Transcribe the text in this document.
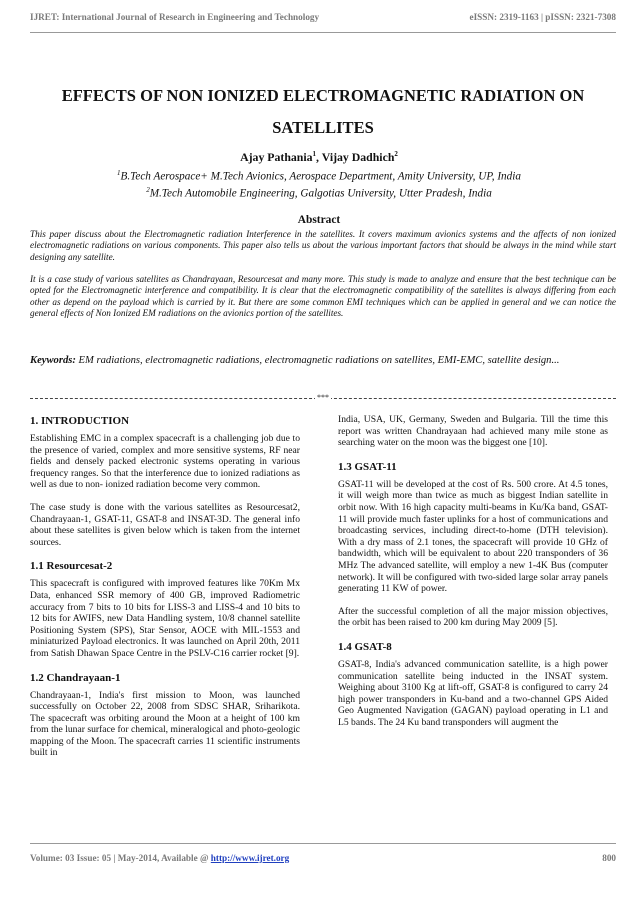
IJRET: International Journal of Research in Engineering and Technology	eISSN: 2319-1163 | pISSN: 2321-7308
EFFECTS OF NON IONIZED ELECTROMAGNETIC RADIATION ON
SATELLITES
Ajay Pathania$^1$, Vijay Dadhich$^2$
$^1$B.Tech Aerospace+ M.Tech Avionics, Aerospace Department, Amity University, UP, India
$^2$M.Tech Automobile Engineering, Galgotias University, Utter Pradesh, India
Abstract
This paper discuss about the Electromagnetic radiation Interference in the satellites. It covers maximum avionics systems and the affects of non ionized electromagnetic radiations on various components. This paper also tells us about the various important factors that should be always in the mind while start designing any satellite.
It is a case study of various satellites as Chandrayaan, Resourcesat and many more. This study is made to analyze and ensure that the best technique can be opted for the Electromagnetic interference and compatibility. It is clear that the electromagnetic compatibility of the satellites is always differing from each other as depend on the payload which is carried by it. But there are some common EMI techniques which can be applied in general and we can notice the general effects of Non Ionized EM radiations on the avionics portion of the satellites.
Keywords: EM radiations, electromagnetic radiations, electromagnetic radiations on satellites, EMI-EMC, satellite design...
***
1. INTRODUCTION

Establishing EMC in a complex spacecraft is a challenging job due to the presence of varied, complex and more sensitive systems, RF near fields and densely packed electronic systems operating in various frequency ranges. So that the interference due to ionized radiations as well as due to non- ionized radiation become very common.

The case study is done with the various satellites as Resourcesat2, Chandrayaan-1, GSAT-11, GSAT-8 and INSAT-3D. The general info about these satellites is given below which is taken from the internet sources.

1.1 Resourcesat-2

This spacecraft is configured with improved features like 70Km Mx Data, enhanced SSR memory of 400 GB, improved Radiometric accuracy from 7 bits to 10 bits for LISS-3 and LISS-4 and 10 bits to 12 bits for AWIFS, new Data Handling system, 10/8 channel satellite Positioning System (SPS), Star Sensor, AOCE with MIL-1553 and miniaturized Payload electronics. It was launched on April 20th, 2011 from Satish Dhawan Space Centre in the PSLV-C16 carrier rocket [9].

1.2 Chandrayaan-1

Chandrayaan-1, India's first mission to Moon, was launched successfully on October 22, 2008 from SDSC SHAR, Sriharikota. The spacecraft was orbiting around the Moon at a height of 100 km from the lunar surface for chemical, mineralogical and photo-geologic mapping of the Moon. The spacecraft carries 11 scientific instruments built in

India, USA, UK, Germany, Sweden and Bulgaria. Till the time this report was written Chandrayaan had achieved many mile stone as searching water on the moon was the biggest one [10].

1.3 GSAT-11

GSAT-11 will be developed at the cost of Rs. 500 crore. At 4.5 tones, it will weigh more than twice as much as biggest Indian satellite in orbit now. With 16 high capacity multi-beams in Ku/Ka band, GSAT-11 will provide much faster uplinks for a host of communications and broadcasting services, including direct-to-home (DTH television). With a dry mass of 2.1 tones, the spacecraft will provide 10 GHz of bandwidth, which will be equivalent to about 220 transponders of 36 MHz The advanced satellite, will employ a new 1-4K Bus (computer network). It will be configured with two-sided large solar array panels generating 11 KW of power.

After the successful completion of all the major mission objectives, the orbit has been raised to 200 km during May 2009 [5].

1.4 GSAT-8

GSAT-8, India's advanced communication satellite, is a high power communication satellite being inducted in the INSAT system. Weighing about 3100 Kg at lift-off, GSAT-8 is configured to carry 24 high power transponders in Ku-band and a two-channel GPS Aided Geo Augmented Navigation (GAGAN) payload operating in L1 and L5 bands. The 24 Ku band transponders will augment the

Volume: 03 Issue: 05 | May-2014, Available @ http://www.ijret.org	800
